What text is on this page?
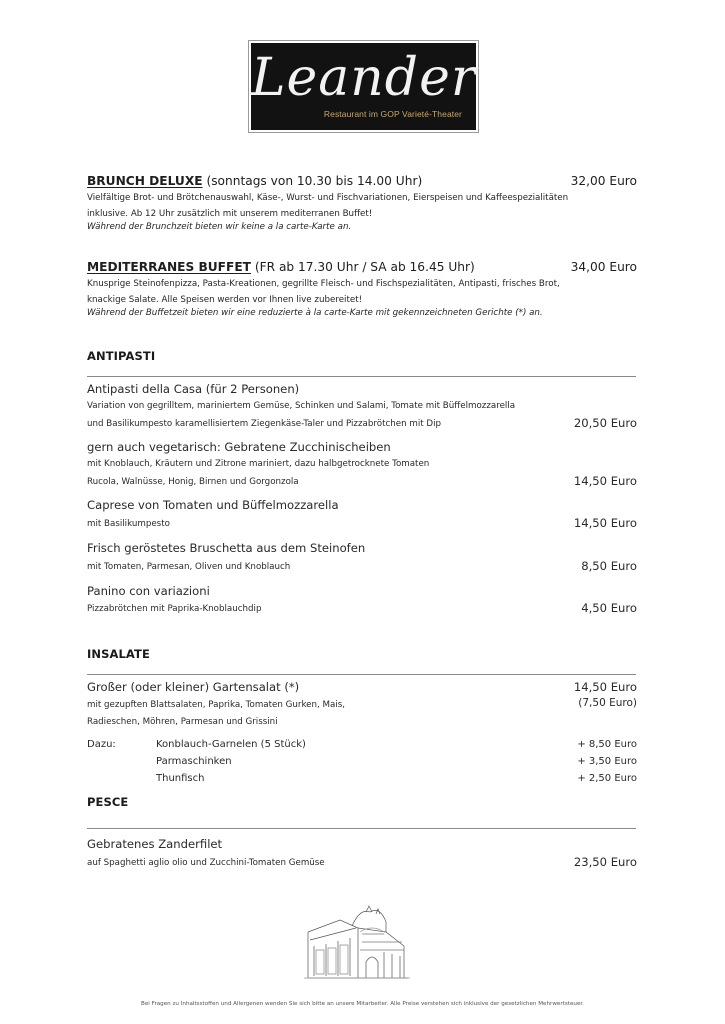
Leander
Restaurant im GOP Varieté-Theater
BRUNCH DELUXE (sonntags von 10.30 bis 14.00 Uhr)	32,00 Euro
Vielfältige Brot- und Brötchenauswahl, Käse-, Wurst- und Fischvariationen, Eierspeisen und Kaffeespezialitäten
inklusive. Ab 12 Uhr zusätzlich mit unserem mediterranen Buffet!
Während der Brunchzeit bieten wir keine a la carte-Karte an.
MEDITERRANES BUFFET (FR ab 17.30 Uhr / SA ab 16.45 Uhr)	34,00 Euro
Knusprige Steinofenpizza, Pasta-Kreationen, gegrillte Fleisch- und Fischspezialitäten, Antipasti, frisches Brot,
knackige Salate. Alle Speisen werden vor Ihnen live zubereitet!
Während der Buffetzeit bieten wir eine reduzierte à la carte-Karte mit gekennzeichneten Gerichte (*) an.
ANTIPASTI
Antipasti della Casa (für 2 Personen)
Variation von gegrilltem, mariniertem Gemüse, Schinken und Salami, Tomate mit Büffelmozzarella
und Basilikumpesto karamellisiertem Ziegenkäse-Taler und Pizzabrötchen mit Dip	20,50 Euro
gern auch vegetarisch: Gebratene Zucchinischeiben
mit Knoblauch, Kräutern und Zitrone mariniert, dazu halbgetrocknete Tomaten
Rucola, Walnüsse, Honig, Birnen und Gorgonzola	14,50 Euro
Caprese von Tomaten und Büffelmozzarella
mit Basilikumpesto	14,50 Euro
Frisch geröstetes Bruschetta aus dem Steinofen
mit Tomaten, Parmesan, Oliven und Knoblauch	8,50 Euro
Panino con variazioni
Pizzabrötchen mit Paprika-Knoblauchdip	4,50 Euro
INSALATE
Großer (oder kleiner) Gartensalat (*)	14,50 Euro
mit gezupften Blattsalaten, Paprika, Tomaten Gurken, Mais,	(7,50 Euro)
Radieschen, Möhren, Parmesan und Grissini
Dazu:	Konblauch-Garnelen (5 Stück)	+ 8,50 Euro
Parmaschinken	+ 3,50 Euro
Thunfisch	+ 2,50 Euro
PESCE
Gebratenes Zanderfilet
auf Spaghetti aglio olio und Zucchini-Tomaten Gemüse	23,50 Euro
Bei Fragen zu Inhaltsstoffen und Allergenen wenden Sie sich bitte an unsere Mitarbeiter. Alle Preise verstehen sich inklusive der gesetzlichen Mehrwertsteuer.
